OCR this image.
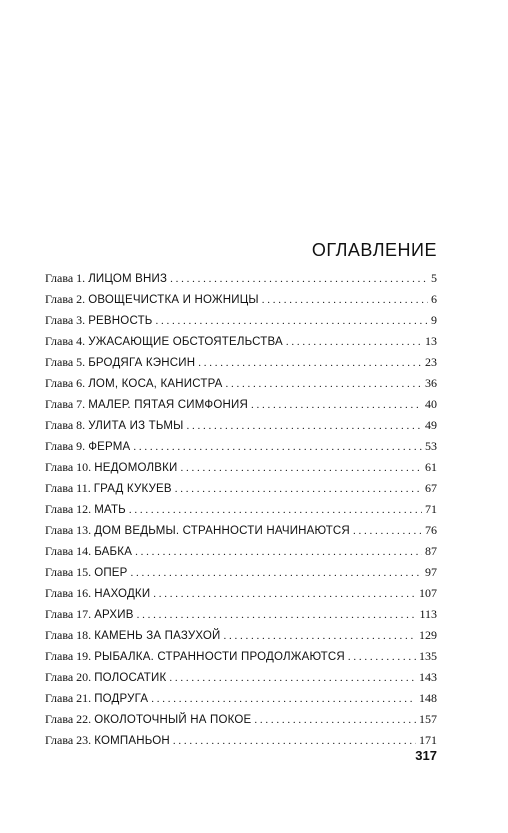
ОГЛАВЛЕНИЕ
Глава 1. ЛИЦОМ ВНИЗ . . .	5
Глава 2. ОВОЩЕЧИСТКА И НОЖНИЦЫ . . .	6
Глава 3. РЕВНОСТЬ . . .	9
Глава 4. УЖАСАЮЩИЕ ОБСТОЯТЕЛЬСТВА . . .	13
Глава 5. БРОДЯГА КЭНСИН . . .	23
Глава 6. ЛОМ, КОСА, КАНИСТРА . . .	36
Глава 7. МАЛЕР. ПЯТАЯ СИМФОНИЯ . . .	40
Глава 8. УЛИТА ИЗ ТЬМЫ . . .	49
Глава 9. ФЕРМА . . .	53
Глава 10. НЕДОМОЛВКИ . . .	61
Глава 11. ГРАД КУКУЕВ . . .	67
Глава 12. МАТЬ . . .	71
Глава 13. ДОМ ВЕДЬМЫ. СТРАННОСТИ НАЧИНАЮТСЯ . . .	76
Глава 14. БАБКА . . .	87
Глава 15. ОПЕР . . .	97
Глава 16. НАХОДКИ . . .	107
Глава 17. АРХИВ . . .	113
Глава 18. КАМЕНЬ ЗА ПАЗУХОЙ . . .	129
Глава 19. РЫБАЛКА. СТРАННОСТИ ПРОДОЛЖАЮТСЯ . . .	135
Глава 20. ПОЛОСАТИК . . .	143
Глава 21. ПОДРУГА . . .	148
Глава 22. ОКОЛОТОЧНЫЙ НА ПОКОЕ . . .	157
Глава 23. КОМПАНЬОН . . .	171
317
